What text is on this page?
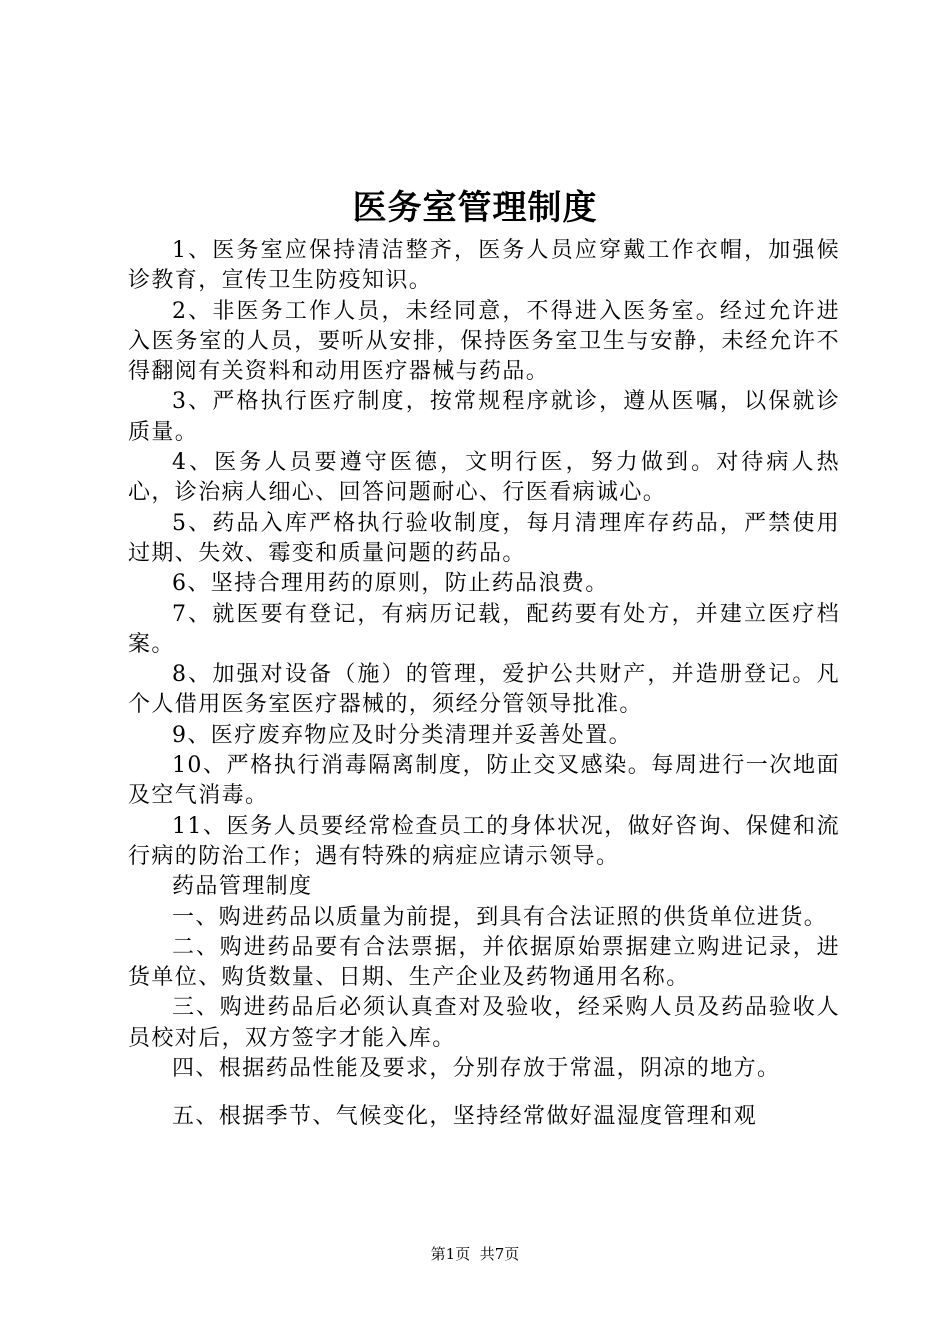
医务室管理制度

1、医务室应保持清洁整齐，医务人员应穿戴工作衣帽，加强候诊教育，宣传卫生防疫知识。

2、非医务工作人员，未经同意，不得进入医务室。经过允许进入医务室的人员，要听从安排，保持医务室卫生与安静，未经允许不得翻阅有关资料和动用医疗器械与药品。

3、严格执行医疗制度，按常规程序就诊，遵从医嘱，以保就诊质量。

4、医务人员要遵守医德，文明行医，努力做到。对待病人热心，诊治病人细心、回答问题耐心、行医看病诚心。

5、药品入库严格执行验收制度，每月清理库存药品，严禁使用过期、失效、霉变和质量问题的药品。

6、坚持合理用药的原则，防止药品浪费。

7、就医要有登记，有病历记载，配药要有处方，并建立医疗档案。

8、加强对设备（施）的管理，爱护公共财产，并造册登记。凡个人借用医务室医疗器械的，须经分管领导批准。

9、医疗废弃物应及时分类清理并妥善处置。

10、严格执行消毒隔离制度，防止交叉感染。每周进行一次地面及空气消毒。

11、医务人员要经常检查员工的身体状况，做好咨询、保健和流行病的防治工作；遇有特殊的病症应请示领导。

药品管理制度

一、购进药品以质量为前提，到具有合法证照的供货单位进货。

二、购进药品要有合法票据，并依据原始票据建立购进记录，进货单位、购货数量、日期、生产企业及药物通用名称。

三、购进药品后必须认真查对及验收，经采购人员及药品验收人员校对后，双方签字才能入库。

四、根据药品性能及要求，分别存放于常温，阴凉的地方。

五、根据季节、气候变化，坚持经常做好温湿度管理和观

第1页 共7页
